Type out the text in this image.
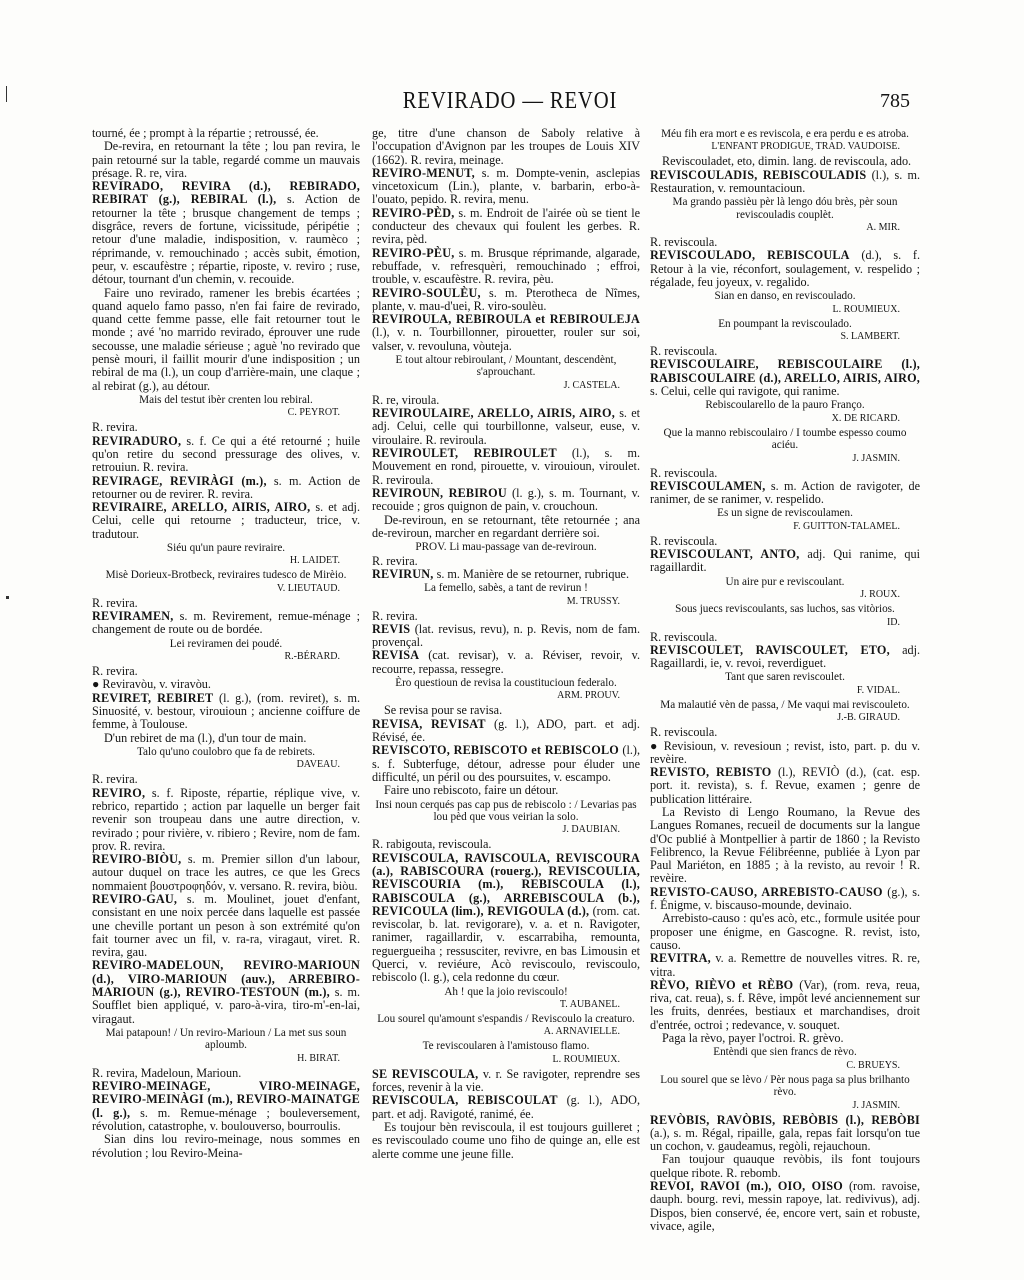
REVIRADO — REVOI	785

tourné, ée ; prompt à la répartie ; retroussé, ée.

De-revira, en retournant la tête ; lou pan revira, le pain retourné sur la table, regardé comme un mauvais présage. R. re, vira.

REVIRADO, REVIRA (d.), REBIRADO, REBIRAT (g.), REBIRAL (l.), s. Action de retourner la tête ; brusque changement de temps ; disgrâce, revers de fortune, vicissitude, péripétie ; retour d'une maladie, indisposition, v. raumèco ; réprimande, v. remouchinado ; accès subit, émotion, peur, v. escaufèstre ; répartie, riposte, v. reviro ; ruse, détour, tournant d'un chemin, v. recouide.

Faire uno revirado, ramener les brebis écartées ; quand aquelo famo passo, n'en fai faire de revirado, quand cette femme passe, elle fait retourner tout le monde ; avé 'no marrido revirado, éprouver une rude secousse, une maladie sérieuse ; aguè 'no revirado que pensè mouri, il faillit mourir d'une indisposition ; un rebiral de ma (l.), un coup d'arrière-main, une claque ; al rebirat (g.), au détour.

Mais del testut ibèr crenten lou rebiral.

C. PEYROT.

R. revira.

REVIRADURO, s. f. Ce qui a été retourné ; huile qu'on retire du second pressurage des olives, v. retrouiun. R. revira.

REVIRAGE, REVIRÀGI (m.), s. m. Action de retourner ou de revirer. R. revira.

REVIRAIRE, ARELLO, AIRIS, AIRO, s. et adj. Celui, celle qui retourne ; traducteur, trice, v. tradutour.

Siéu qu'un paure reviraire.

H. LAIDET.

Misè Dorieux-Brotbeck, reviraires tudesco de Mirèio.

V. LIEUTAUD.

R. revira.

REVIRAMEN, s. m. Revirement, remue-ménage ; changement de route ou de bordée.

Lei reviramen dei poudé.

R.-BÉRARD.

R. revira.

● Reviravòu, v. viravòu.

REVIRET, REBIRET (l. g.), (rom. reviret), s. m. Sinuosité, v. bestour, virouioun ; ancienne coiffure de femme, à Toulouse.

D'un rebiret de ma (l.), d'un tour de main.

Talo qu'uno coulobro que fa de rebirets.

DAVEAU.

R. revira.

REVIRO, s. f. Riposte, répartie, réplique vive, v. rebrico, repartido ; action par laquelle un berger fait revenir son troupeau dans une autre direction, v. revirado ; pour rivière, v. ribiero ; Revire, nom de fam. prov. R. revira.

REVIRO-BIÒU, s. m. Premier sillon d'un labour, autour duquel on trace les autres, ce que les Grecs nommaient βουστροφηδόν, v. versano. R. revira, biòu.

REVIRO-GAU, s. m. Moulinet, jouet d'enfant, consistant en une noix percée dans laquelle est passée une cheville portant un peson à son extrémité qu'on fait tourner avec un fil, v. ra-ra, viragaut, viret. R. revira, gau.

REVIRO-MADELOUN, REVIRO-MARIOUN (d.), VIRO-MARIOUN (auv.), ARREBIRO-MARIOUN (g.), REVIRO-TESTOUN (m.), s. m. Soufflet bien appliqué, v. paro-à-vira, tiro-m'-en-lai, viragaut.

Mai patapoun! / Un reviro-Marioun / La met sus soun aploumb.

H. BIRAT.

R. revira, Madeloun, Marioun.

REVIRO-MEINAGE, VIRO-MEINAGE, REVIRO-MEINÀGI (m.), REVIRO-MAINATGE (l. g.), s. m. Remue-ménage ; bouleversement, révolution, catastrophe, v. boulouverso, bourroulis.

Sian dins lou reviro-meinage, nous sommes en révolution ; lou Reviro-Meina-

ge, titre d'une chanson de Saboly relative à l'occupation d'Avignon par les troupes de Louis XIV (1662). R. revira, meinage.

REVIRO-MENUT, s. m. Dompte-venin, asclepias vincetoxicum (Lin.), plante, v. barbarin, erbo-à-l'ouato, pepido. R. revira, menu.

REVIRO-PÈD, s. m. Endroit de l'airée où se tient le conducteur des chevaux qui foulent les gerbes. R. revira, pèd.

REVIRO-PÈU, s. m. Brusque réprimande, algarade, rebuffade, v. refresquèri, remouchinado ; effroi, trouble, v. escaufèstre. R. revira, pèu.

REVIRO-SOULÈU, s. m. Pterotheca de Nîmes, plante, v. mau-d'uei, R. viro-soulèu.

REVIROULA, REBIROULA et REBIROULEJA (l.), v. n. Tourbillonner, pirouetter, rouler sur soi, valser, v. revouluna, vòuteja.

E tout altour rebiroulant, / Mountant, descendènt, s'aprouchant.

J. CASTELA.

R. re, viroula.

REVIROULAIRE, ARELLO, AIRIS, AIRO, s. et adj. Celui, celle qui tourbillonne, valseur, euse, v. viroulaire. R. reviroula.

REVIROULET, REBIROULET (l.), s. m. Mouvement en rond, pirouette, v. virouioun, viroulet. R. reviroula.

REVIROUN, REBIROU (l. g.), s. m. Tournant, v. recouide ; gros quignon de pain, v. crouchoun.

De-reviroun, en se retournant, tête retournée ; ana de-reviroun, marcher en regardant derrière soi.

PROV. Li mau-passage van de-reviroun.

R. revira.

REVIRUN, s. m. Manière de se retourner, rubrique.

La femello, sabès, a tant de revirun !

M. TRUSSY.

R. revira.

REVIS (lat. revisus, revu), n. p. Revis, nom de fam. provençal.

REVISA (cat. revisar), v. a. Réviser, revoir, v. recourre, repassa, ressegre.

Èro questioun de revisa la coustitucioun federalo.

ARM. PROUV.

Se revisa pour se ravisa.

REVISA, REVISAT (g. l.), ADO, part. et adj. Révisé, ée.

REVISCOTO, REBISCOTO et REBISCOLO (l.), s. f. Subterfuge, détour, adresse pour éluder une difficulté, un péril ou des poursuites, v. escampo.

Faire uno rebiscoto, faire un détour.

Insi noun cerqués pas cap pus de rebiscolo : / Levarias pas lou pèd que vous veirian la solo.

J. DAUBIAN.

R. rabigouta, reviscoula.

REVISCOULA, RAVISCOULA, REVISCOURA (a.), RABISCOURA (rouerg.), REVISCOULIA, REVISCOURIA (m.), REBISCOULA (l.), RABISCOULA (g.), ARREBISCOULA (b.), REVICOULA (lim.), REVIGOULA (d.), (rom. cat. reviscolar, b. lat. revigorare), v. a. et n. Ravigoter, ranimer, ragaillardir, v. escarrabiha, remounta, reguergueiha ; ressusciter, revivre, en bas Limousin et Querci, v. reviéure, Acò reviscoulo, reviscoulo, rebiscolo (l. g.), cela redonne du cœur.

Ah ! que la joio reviscoulo!

T. AUBANEL.

Lou sourel qu'amount s'espandis / Reviscoulo la creaturo.

A. ARNAVIELLE.

Te reviscoularen à l'amistouso flamo.

L. ROUMIEUX.

SE REVISCOULA, v. r. Se ravigoter, reprendre ses forces, revenir à la vie.

REVISCOULA, REBISCOULAT (g. l.), ADO, part. et adj. Ravigoté, ranimé, ée.

Es toujour bèn reviscoula, il est toujours guilleret ; es reviscoulado coume uno fiho de quinge an, elle est alerte comme une jeune fille.

Méu fih era mort e es reviscola, e era perdu e es atroba.

L'ENFANT PRODIGUE, TRAD. VAUDOISE.

Reviscouladet, eto, dimin. lang. de reviscoula, ado.

REVISCOULADIS, REBISCOULADIS (l.), s. m. Restauration, v. remountacioun.

Ma grando passièu pèr là lengo dóu brès, pèr soun reviscouladis couplèt.

A. MIR.

R. reviscoula.

REVISCOULADO, REBISCOULA (d.), s. f. Retour à la vie, réconfort, soulagement, v. respelido ; régalade, feu joyeux, v. regalido.

Sian en danso, en reviscoulado.

L. ROUMIEUX.

En poumpant la reviscoulado.

S. LAMBERT.

R. reviscoula.

REVISCOULAIRE, REBISCOULAIRE (l.), RABISCOULAIRE (d.), ARELLO, AIRIS, AIRO, s. Celui, celle qui ravigote, qui ranime.

Rebiscoularello de la pauro Franço.

X. DE RICARD.

Que la manno rebiscoulairo / I toumbe espesso coumo aciéu.

J. JASMIN.

R. reviscoula.

REVISCOULAMEN, s. m. Action de ravigoter, de ranimer, de se ranimer, v. respelido.

Es un signe de reviscoulamen.

F. GUITTON-TALAMEL.

R. reviscoula.

REVISCOULANT, ANTO, adj. Qui ranime, qui ragaillardit.

Un aire pur e reviscoulant.

J. ROUX.

Sous juecs reviscoulants, sas luchos, sas vitòrios.

ID.

R. reviscoula.

REVISCOULET, RAVISCOULET, ETO, adj. Ragaillardi, ie, v. revoi, reverdiguet.

Tant que saren reviscoulet.

F. VIDAL.

Ma malautié vèn de passa, / Me vaqui mai reviscouleto.

J.-B. GIRAUD.

R. reviscoula.

● Revisioun, v. revesioun ; revist, isto, part. p. du v. revèire.

REVISTO, REBISTO (l.), REVIÒ (d.), (cat. esp. port. it. revista), s. f. Revue, examen ; genre de publication littéraire.

La Revisto di Lengo Roumano, la Revue des Langues Romanes, recueil de documents sur la langue d'Oc publié à Montpellier à partir de 1860 ; la Revisto Felibrenco, la Revue Félibréenne, publiée à Lyon par Paul Mariéton, en 1885 ; à la revisto, au revoir ! R. revèire.

REVISTO-CAUSO, ARREBISTO-CAUSO (g.), s. f. Énigme, v. biscauso-mounde, devinaio.

Arrebisto-causo : qu'es acò, etc., formule usitée pour proposer une énigme, en Gascogne. R. revist, isto, causo.

REVITRA, v. a. Remettre de nouvelles vitres. R. re, vitra.

RÈVO, RIÈVO et RÈBO (Var), (rom. reva, reua, riva, cat. reua), s. f. Rêve, impôt levé anciennement sur les fruits, denrées, bestiaux et marchandises, droit d'entrée, octroi ; redevance, v. souquet.

Paga la rèvo, payer l'octroi. R. grèvo.

Entèndi que sien francs de rèvo.

C. BRUEYS.

Lou sourel que se lèvo / Pèr nous paga sa plus brilhanto rèvo.

J. JASMIN.

REVÒBIS, RAVÒBIS, REBÒBIS (l.), REBÒBI (a.), s. m. Régal, ripaille, gala, repas fait lorsqu'on tue un cochon, v. gaudeamus, regòli, rejauchoun.

Fan toujour quauque revòbis, ils font toujours quelque ribote. R. rebomb.

REVOI, RAVOI (m.), OIO, OISO (rom. ravoise, dauph. bourg. revi, messin rapoye, lat. redivivus), adj. Dispos, bien conservé, ée, encore vert, sain et robuste, vivace, agile,
